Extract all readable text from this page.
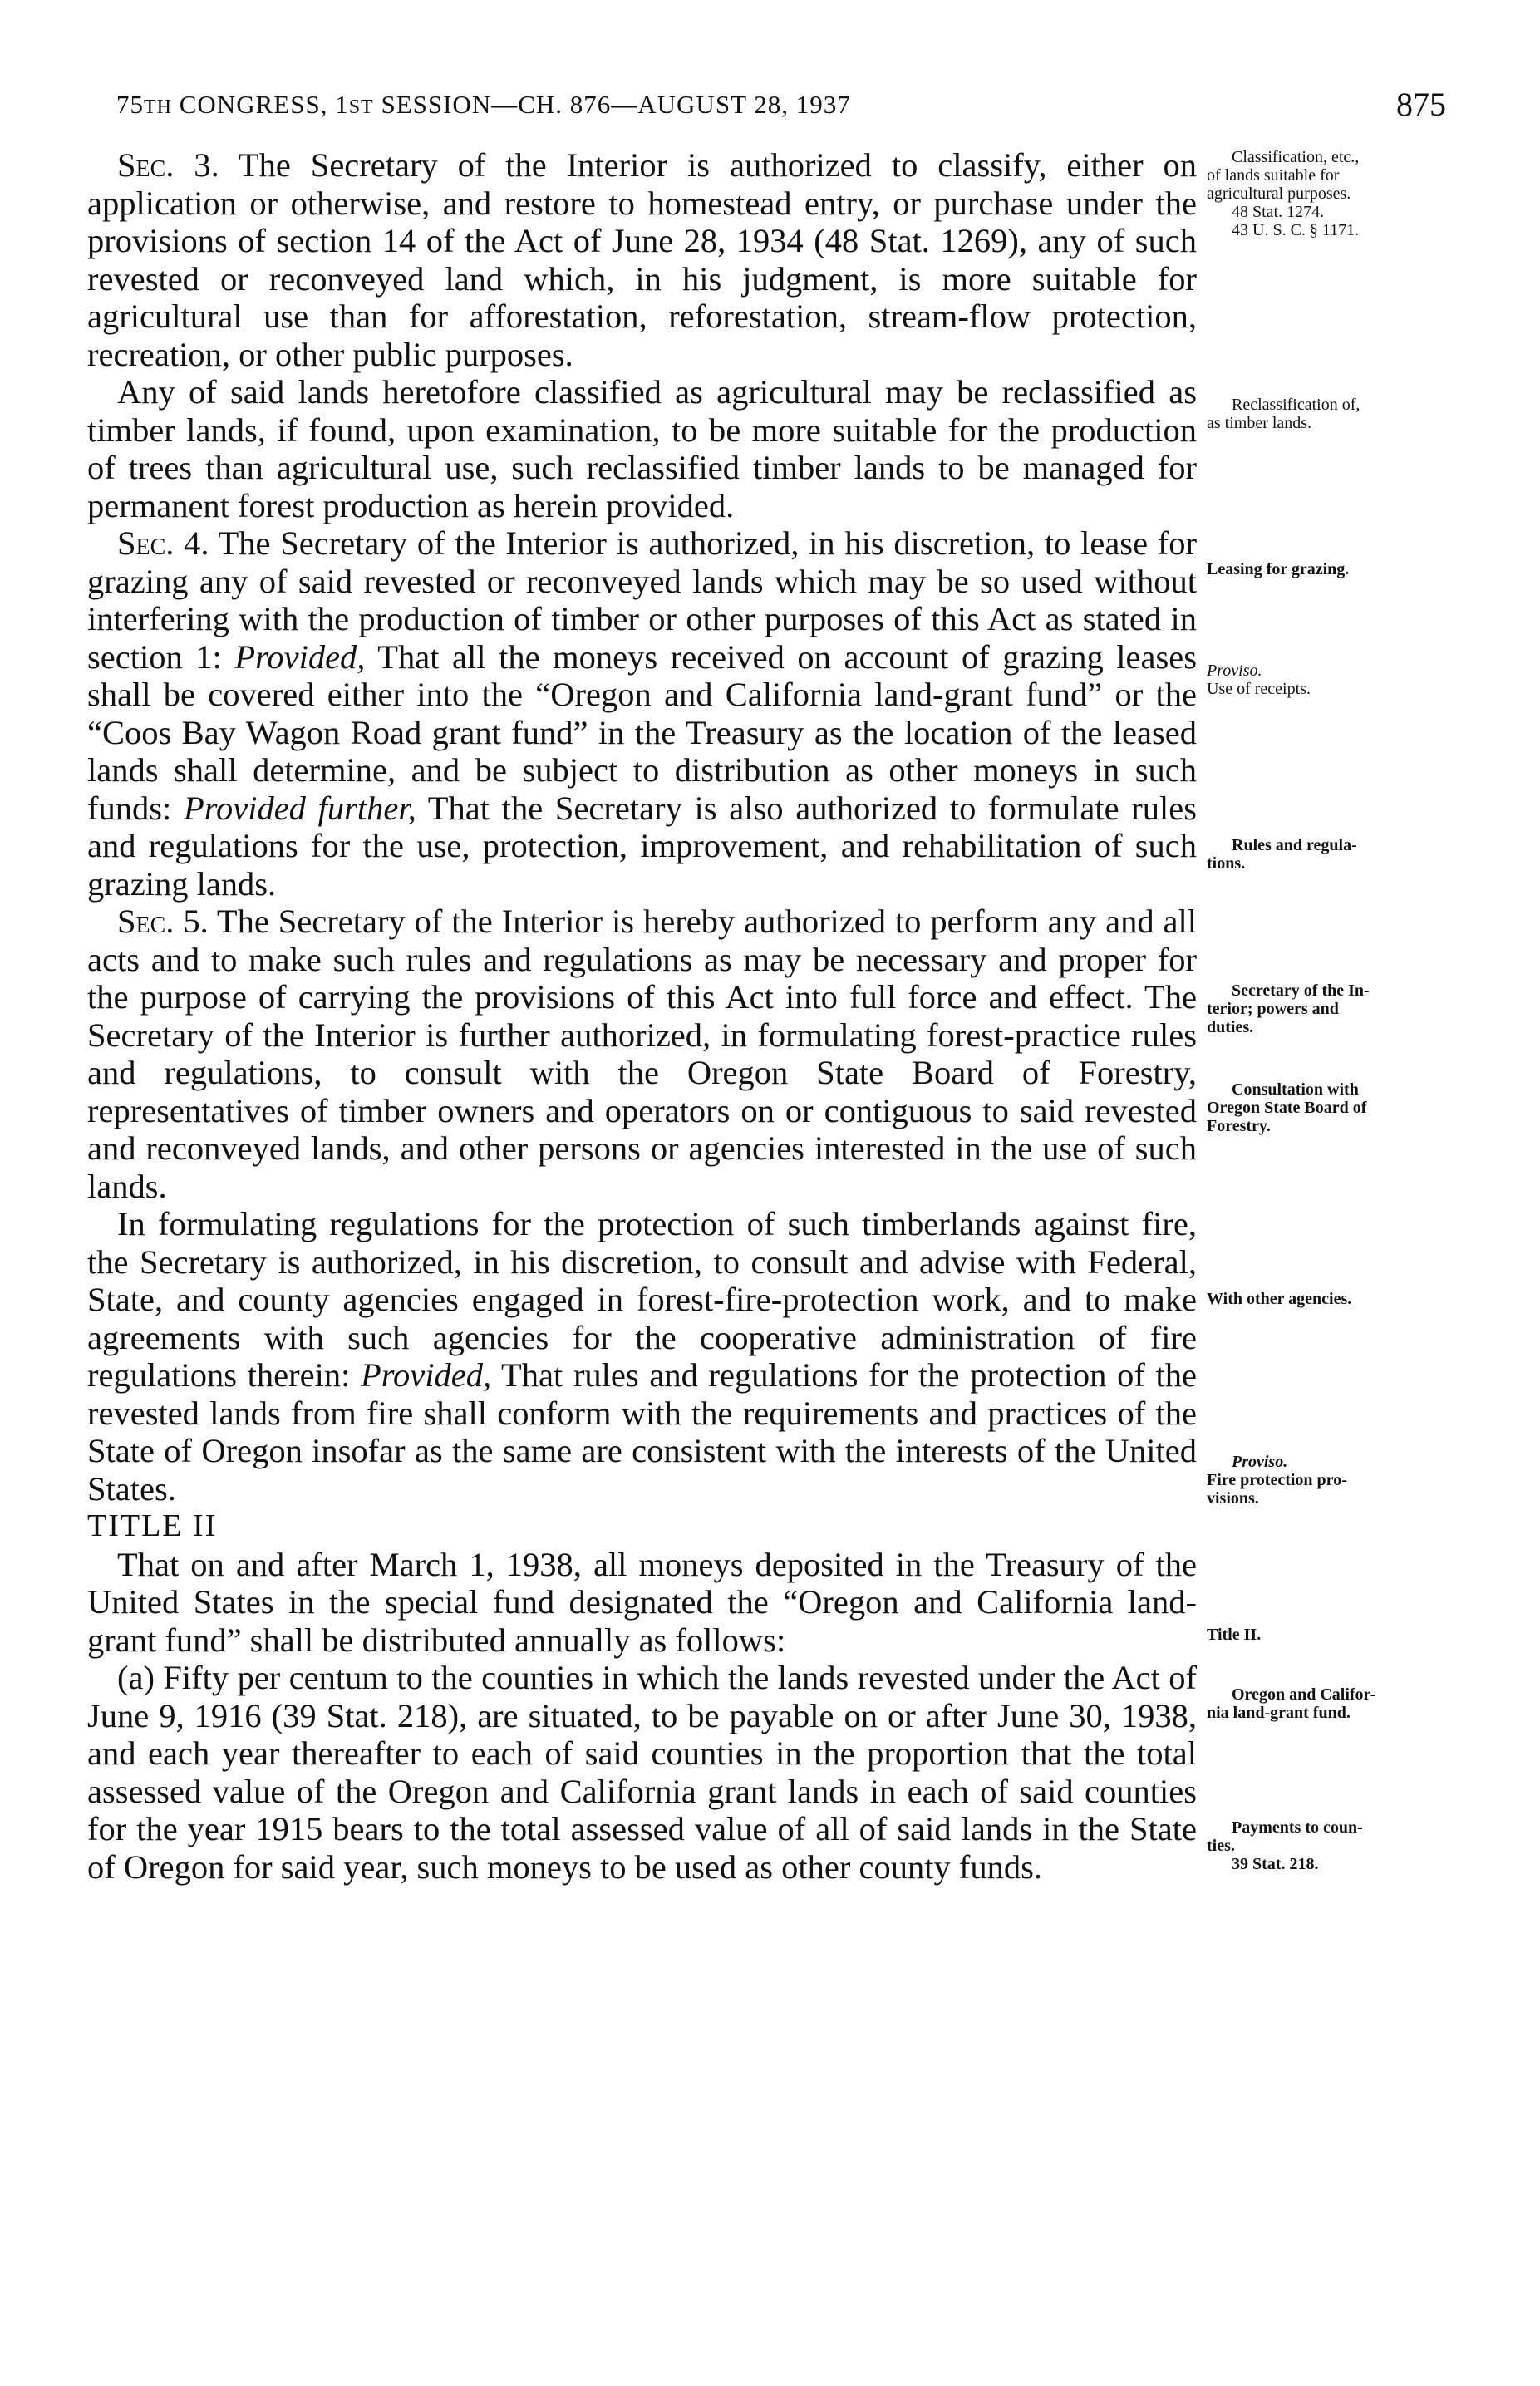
75TH CONGRESS, 1ST SESSION—CH. 876—AUGUST 28, 1937	875

Sec. 3. The Secretary of the Interior is authorized to classify, either on application or otherwise, and restore to homestead entry, or purchase under the provisions of section 14 of the Act of June 28, 1934 (48 Stat. 1269), any of such revested or reconveyed land which, in his judgment, is more suitable for agricultural use than for afforestation, reforestation, stream-flow protection, recreation, or other public purposes.

Any of said lands heretofore classified as agricultural may be reclassified as timber lands, if found, upon examination, to be more suitable for the production of trees than agricultural use, such reclassified timber lands to be managed for permanent forest production as herein provided.

Sec. 4. The Secretary of the Interior is authorized, in his discretion, to lease for grazing any of said revested or reconveyed lands which may be so used without interfering with the production of timber or other purposes of this Act as stated in section 1: Provided, That all the moneys received on account of grazing leases shall be covered either into the “Oregon and California land-grant fund” or the “Coos Bay Wagon Road grant fund” in the Treasury as the location of the leased lands shall determine, and be subject to distribution as other moneys in such funds: Provided further, That the Secretary is also authorized to formulate rules and regulations for the use, protection, improvement, and rehabilitation of such grazing lands.

Sec. 5. The Secretary of the Interior is hereby authorized to perform any and all acts and to make such rules and regulations as may be necessary and proper for the purpose of carrying the provisions of this Act into full force and effect. The Secretary of the Interior is further authorized, in formulating forest-practice rules and regulations, to consult with the Oregon State Board of Forestry, representatives of timber owners and operators on or contiguous to said revested and reconveyed lands, and other persons or agencies interested in the use of such lands.

In formulating regulations for the protection of such timberlands against fire, the Secretary is authorized, in his discretion, to consult and advise with Federal, State, and county agencies engaged in forest-fire-protection work, and to make agreements with such agencies for the cooperative administration of fire regulations therein: Provided, That rules and regulations for the protection of the revested lands from fire shall conform with the requirements and practices of the State of Oregon insofar as the same are consistent with the interests of the United States.

TITLE II

That on and after March 1, 1938, all moneys deposited in the Treasury of the United States in the special fund designated the “Oregon and California land-grant fund” shall be distributed annually as follows:

(a) Fifty per centum to the counties in which the lands revested under the Act of June 9, 1916 (39 Stat. 218), are situated, to be payable on or after June 30, 1938, and each year thereafter to each of said counties in the proportion that the total assessed value of the Oregon and California grant lands in each of said counties for the year 1915 bears to the total assessed value of all of said lands in the State of Oregon for said year, such moneys to be used as other county funds.

Classification, etc.,
of lands suitable for
agricultural purposes.
48 Stat. 1274.
43 U. S. C. § 1171.
Reclassification of,
as timber lands.
Leasing for grazing.
Proviso.
Use of receipts.
Rules and regula-
tions.
Secretary of the In-
terior; powers and
duties.
Consultation with
Oregon State Board of
Forestry.
With other agencies.
Proviso.
Fire protection pro-
visions.
Title II.
Oregon and Califor-
nia land-grant fund.
Payments to coun-
ties.
39 Stat. 218.
